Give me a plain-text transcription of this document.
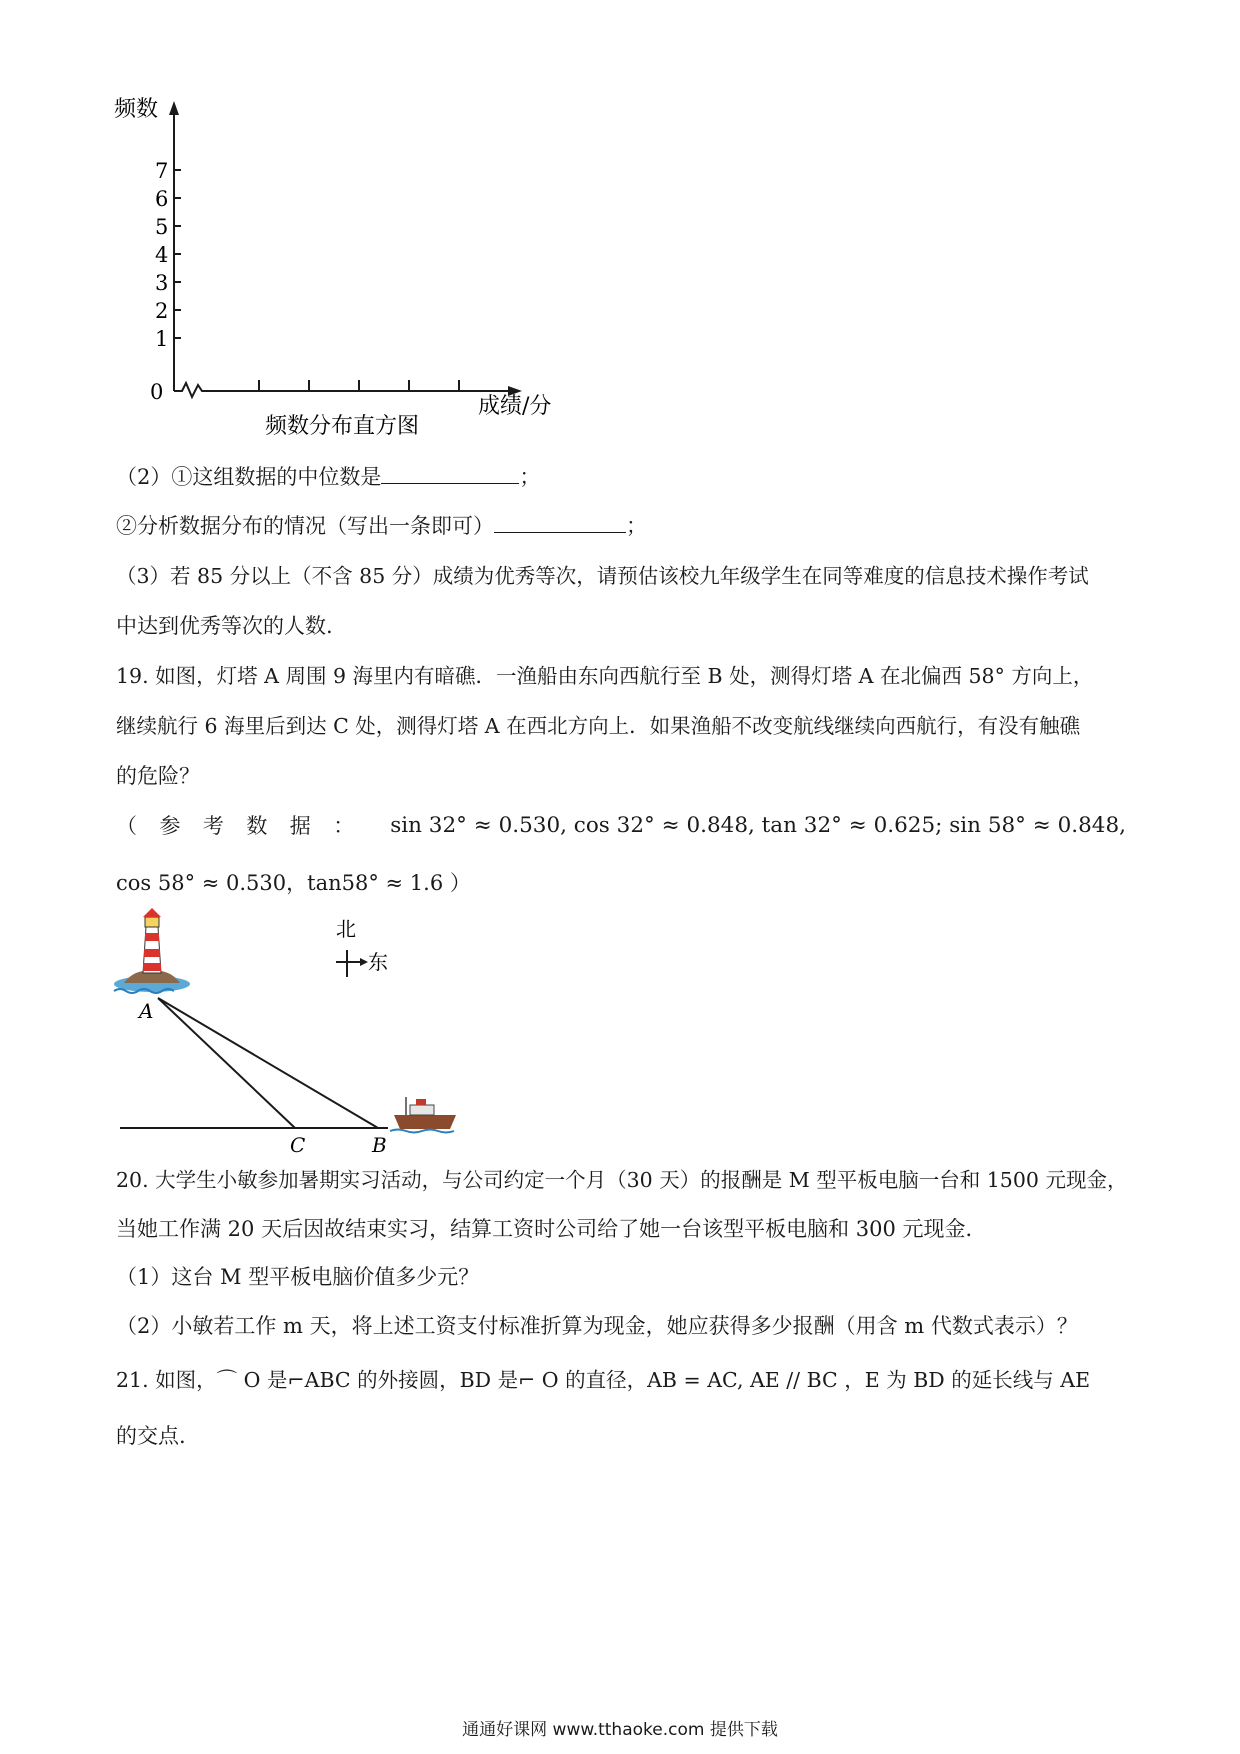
频数
7
6
5
4
3
2
1
0
成绩/分
频数分布直方图
（2）①这组数据的中位数是	；
②分析数据分布的情况（写出一条即可）	；
（3）若 85 分以上（不含 85 分）成绩为优秀等次，请预估该校九年级学生在同等难度的信息技术操作考试
中达到优秀等次的人数.
19. 如图，灯塔 A 周围 9 海里内有暗礁．一渔船由东向西航行至 B 处，测得灯塔 A 在北偏西 58° 方向上，
继续航行 6 海里后到达 C 处，测得灯塔 A 在西北方向上．如果渔船不改变航线继续向西航行，有没有触礁
的危险？
（ 参 考 数 据 ： sin 32° ≈ 0.530, cos 32° ≈ 0.848, tan 32° ≈ 0.625; sin 58° ≈ 0.848,
cos 58° ≈ 0.530，tan58° ≈ 1.6 ）
北
东
A
C	B
20. 大学生小敏参加暑期实习活动，与公司约定一个月（30 天）的报酬是 M 型平板电脑一台和 1500 元现金，
当她工作满 20 天后因故结束实习，结算工资时公司给了她一台该型平板电脑和 300 元现金．
（1）这台 M 型平板电脑价值多少元？
（2）小敏若工作 m 天，将上述工资支付标准折算为现金，她应获得多少报酬（用含 m 代数式表示）？
21. 如图，⌒ O 是⌐ABC 的外接圆，BD 是⌐ O 的直径，AB = AC, AE // BC ，E 为 BD 的延长线与 AE
的交点.
通通好课网 www.tthaoke.com 提供下载
